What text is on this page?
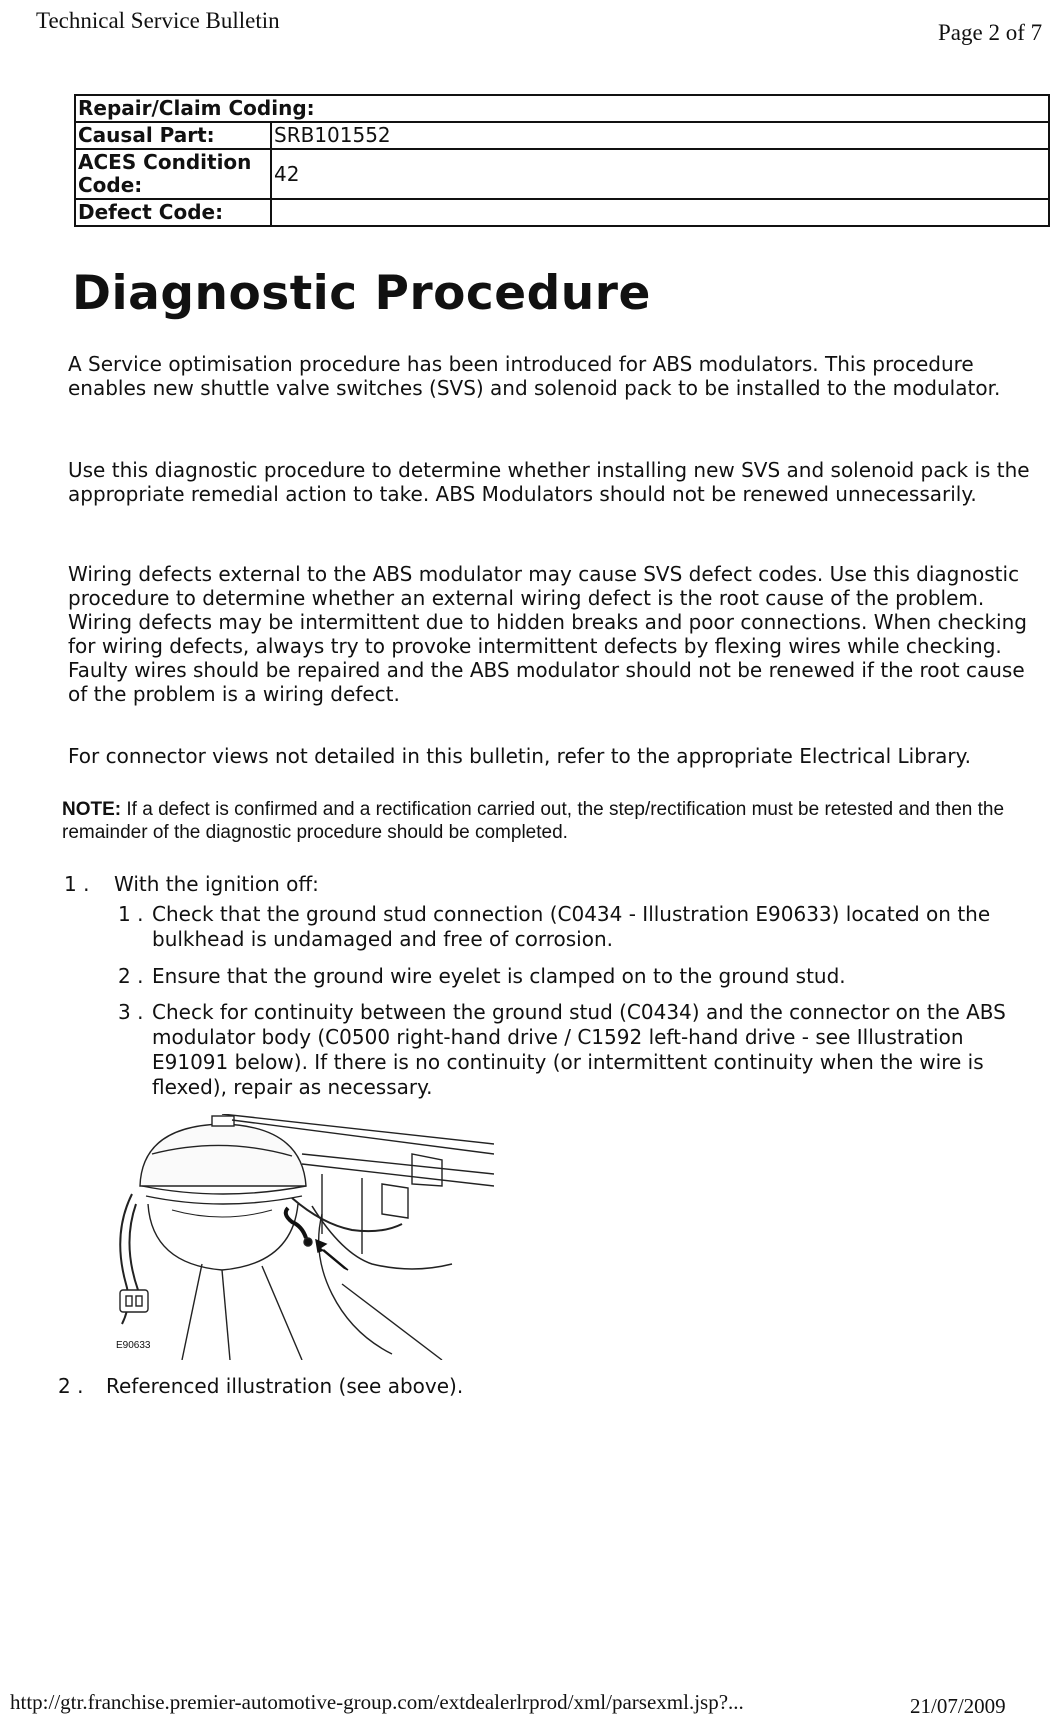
Technical Service Bulletin	Page 2 of 7
Repair/Claim Coding:	
Causal Part:	SRB101552
ACES Condition Code:	42
Defect Code:	
Diagnostic Procedure

A Service optimisation procedure has been introduced for ABS modulators. This procedure enables new shuttle valve switches (SVS) and solenoid pack to be installed to the modulator.

Use this diagnostic procedure to determine whether installing new SVS and solenoid pack is the appropriate remedial action to take. ABS Modulators should not be renewed unnecessarily.

Wiring defects external to the ABS modulator may cause SVS defect codes. Use this diagnostic procedure to determine whether an external wiring defect is the root cause of the problem. Wiring defects may be intermittent due to hidden breaks and poor connections. When checking for wiring defects, always try to provoke intermittent defects by flexing wires while checking. Faulty wires should be repaired and the ABS modulator should not be renewed if the root cause of the problem is a wiring defect.

For connector views not detailed in this bulletin, refer to the appropriate Electrical Library.

NOTE: If a defect is confirmed and a rectification carried out, the step/rectification must be retested and then the remainder of the diagnostic procedure should be completed.

1 . With the ignition off:
1 . Check that the ground stud connection (C0434 - Illustration E90633) located on the bulkhead is undamaged and free of corrosion.
2 . Ensure that the ground wire eyelet is clamped on to the ground stud.
3 . Check for continuity between the ground stud (C0434) and the connector on the ABS modulator body (C0500 right-hand drive / C1592 left-hand drive - see Illustration E91091 below). If there is no continuity (or intermittent continuity when the wire is flexed), repair as necessary.
E90633
2 . Referenced illustration (see above).
http://gtr.franchise.premier-automotive-group.com/extdealerlrprod/xml/parsexml.jsp?...	21/07/2009
